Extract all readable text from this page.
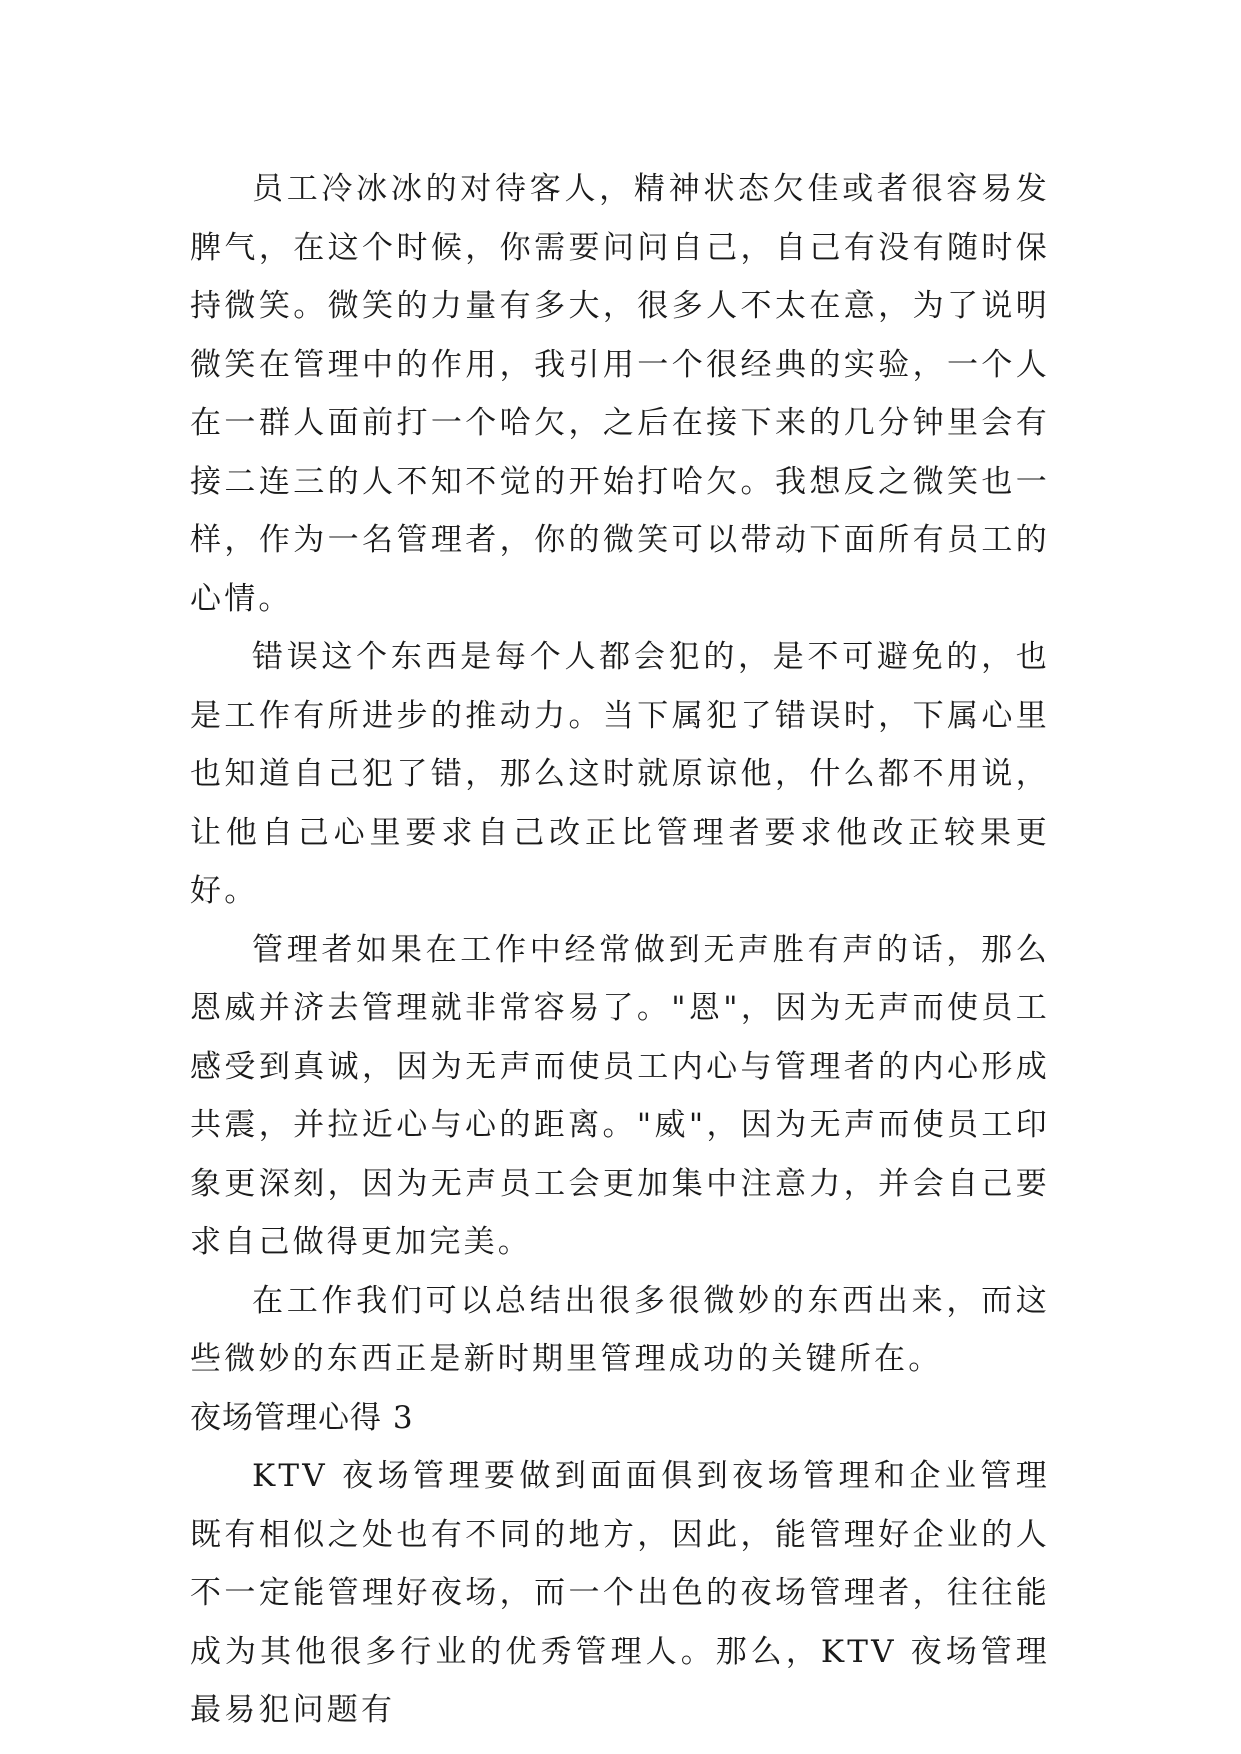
员工冷冰冰的对待客人，精神状态欠佳或者很容易发脾气，在这个时候，你需要问问自己，自己有没有随时保持微笑。微笑的力量有多大，很多人不太在意，为了说明微笑在管理中的作用，我引用一个很经典的实验，一个人在一群人面前打一个哈欠，之后在接下来的几分钟里会有接二连三的人不知不觉的开始打哈欠。我想反之微笑也一样，作为一名管理者，你的微笑可以带动下面所有员工的心情。

错误这个东西是每个人都会犯的，是不可避免的，也是工作有所进步的推动力。当下属犯了错误时，下属心里也知道自己犯了错，那么这时就原谅他，什么都不用说，让他自己心里要求自己改正比管理者要求他改正较果更好。

管理者如果在工作中经常做到无声胜有声的话，那么恩威并济去管理就非常容易了。"恩"，因为无声而使员工感受到真诚，因为无声而使员工内心与管理者的内心形成共震，并拉近心与心的距离。"威"，因为无声而使员工印象更深刻，因为无声员工会更加集中注意力，并会自己要求自己做得更加完美。

在工作我们可以总结出很多很微妙的东西出来，而这些微妙的东西正是新时期里管理成功的关键所在。

夜场管理心得 3

KTV 夜场管理要做到面面俱到夜场管理和企业管理既有相似之处也有不同的地方，因此，能管理好企业的人不一定能管理好夜场，而一个出色的夜场管理者，往往能成为其他很多行业的优秀管理人。那么，KTV 夜场管理最易犯问题有
